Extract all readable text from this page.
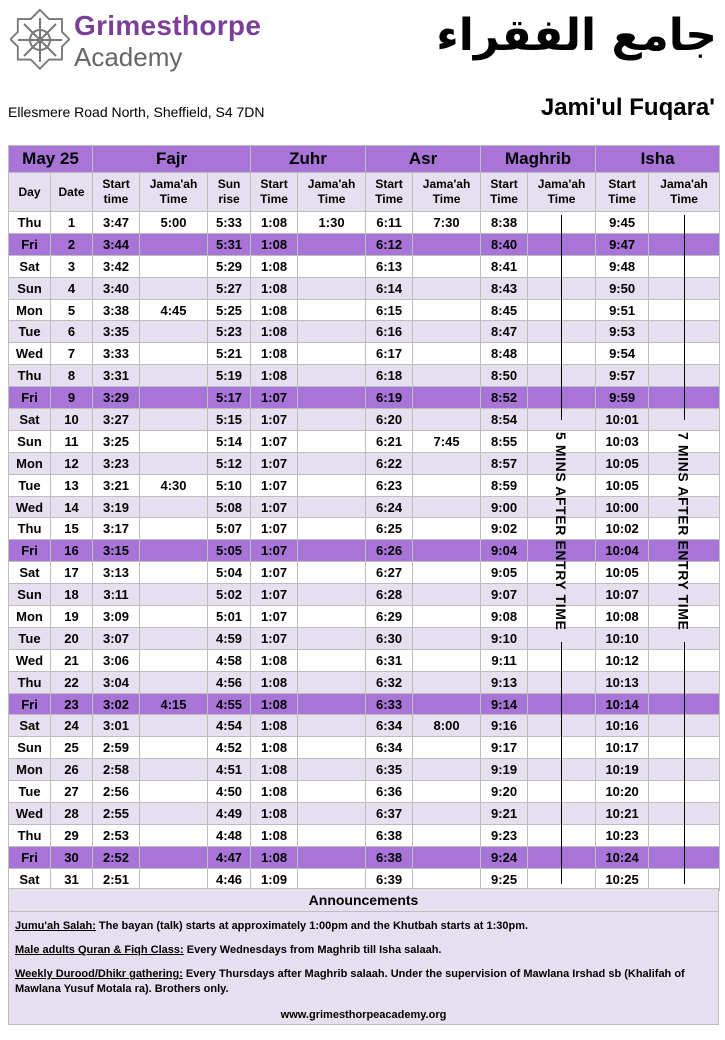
Grimesthorpe
Academy	جامع الفقراء
Ellesmere Road North, Sheffield, S4 7DN	Jami'ul Fuqara'
May 25		Fajr			Zuhr		Asr		Maghrib		Isha	
Day	Date	Start time	Jama'ah Time	Sun rise	Start Time	Jama'ah Time	Start Time	Jama'ah Time	Start Time	Jama'ah Time	Start Time	Jama'ah Time
Thu	1	3:47	5:00	5:33	1:08	1:30	6:11	7:30	8:38		9:45	
Fri	2	3:44		5:31	1:08		6:12		8:40		9:47	
Sat	3	3:42		5:29	1:08		6:13		8:41		9:48	
Sun	4	3:40		5:27	1:08		6:14		8:43		9:50	
Mon	5	3:38	4:45	5:25	1:08		6:15		8:45		9:51	
Tue	6	3:35		5:23	1:08		6:16		8:47		9:53	
Wed	7	3:33		5:21	1:08		6:17		8:48		9:54	
Thu	8	3:31		5:19	1:08		6:18		8:50		9:57	
Fri	9	3:29		5:17	1:07		6:19		8:52		9:59	
Sat	10	3:27		5:15	1:07		6:20		8:54		10:01	
Sun	11	3:25		5:14	1:07		6:21	7:45	8:55		10:03	
Mon	12	3:23		5:12	1:07		6:22		8:57		10:05	
Tue	13	3:21	4:30	5:10	1:07		6:23		8:59		10:05	
Wed	14	3:19		5:08	1:07		6:24		9:00		10:00	
Thu	15	3:17		5:07	1:07		6:25		9:02		10:02	
Fri	16	3:15		5:05	1:07		6:26		9:04		10:04	
Sat	17	3:13		5:04	1:07		6:27		9:05		10:05	
Sun	18	3:11		5:02	1:07		6:28		9:07		10:07	
Mon	19	3:09		5:01	1:07		6:29		9:08		10:08	
Tue	20	3:07		4:59	1:07		6:30		9:10		10:10	
Wed	21	3:06		4:58	1:08		6:31		9:11		10:12	
Thu	22	3:04		4:56	1:08		6:32		9:13		10:13	
Fri	23	3:02	4:15	4:55	1:08		6:33		9:14		10:14	
Sat	24	3:01		4:54	1:08		6:34	8:00	9:16		10:16	
Sun	25	2:59		4:52	1:08		6:34		9:17		10:17	
Mon	26	2:58		4:51	1:08		6:35		9:19		10:19	
Tue	27	2:56		4:50	1:08		6:36		9:20		10:20	
Wed	28	2:55		4:49	1:08		6:37		9:21		10:21	
Thu	29	2:53		4:48	1:08		6:38		9:23		10:23	
Fri	30	2:52		4:47	1:08		6:38		9:24		10:24	
Sat	31	2:51		4:46	1:09		6:39		9:25		10:25	
5 MINS AFTER ENTRY TIME	7 MINS AFTER ENTRY TIME
Announcements

Jumu'ah Salah: The bayan (talk) starts at approximately 1:00pm and the Khutbah starts at 1:30pm.

Male adults Quran & Fiqh Class: Every Wednesdays from Maghrib till Isha salaah.

Weekly Durood/Dhikr gathering: Every Thursdays after Maghrib salaah. Under the supervision of Mawlana Irshad sb (Khalifah of Mawlana Yusuf Motala ra). Brothers only.

www.grimesthorpeacademy.org
